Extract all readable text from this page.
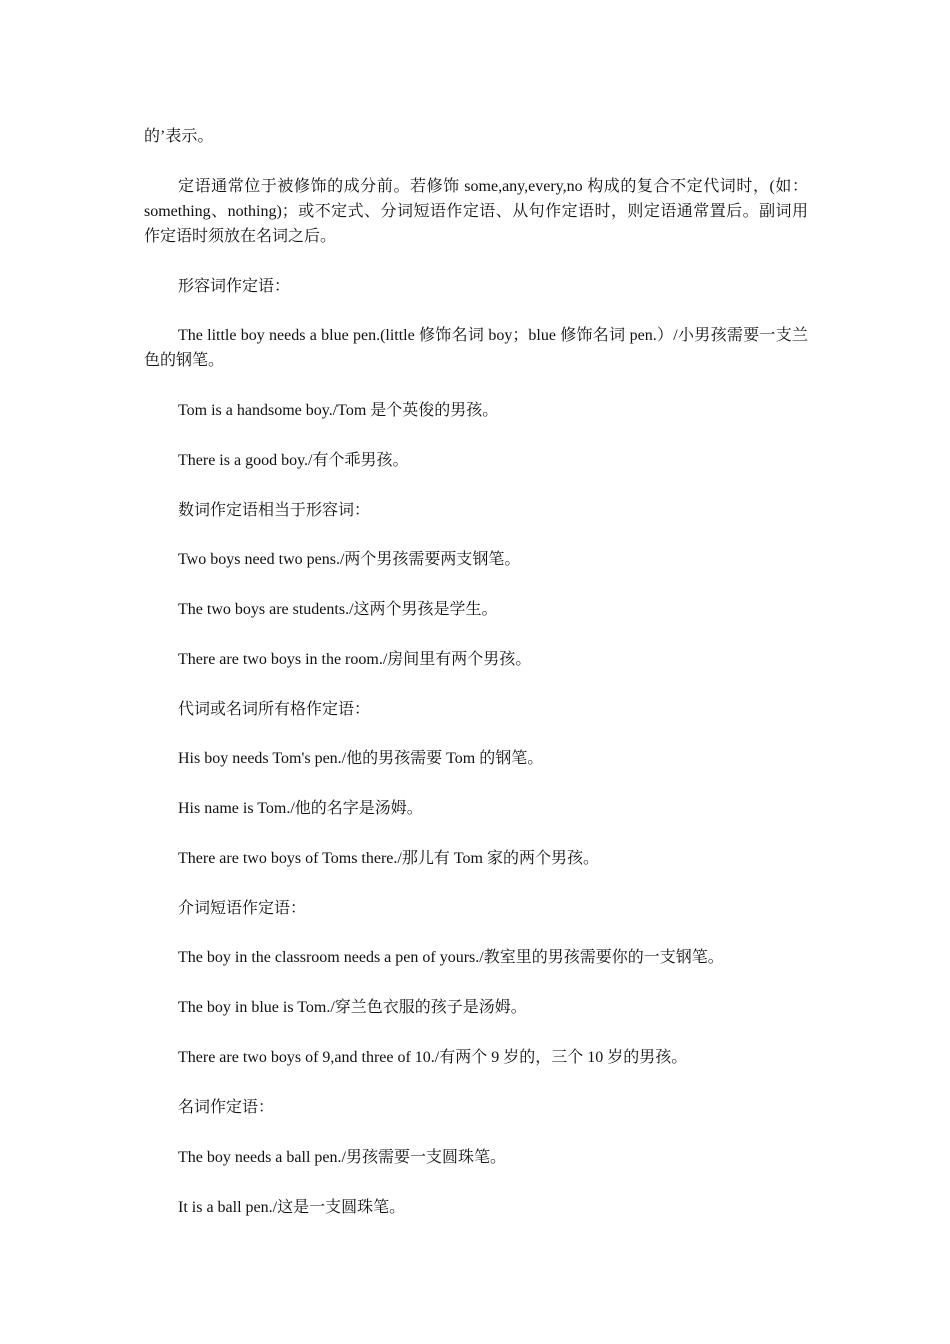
的’表示。

定语通常位于被修饰的成分前。若修饰 some,any,every,no 构成的复合不定代词时，(如：something、nothing)；或不定式、分词短语作定语、从句作定语时，则定语通常置后。副词用作定语时须放在名词之后。

形容词作定语：

The little boy needs a blue pen.(little 修饰名词 boy；blue 修饰名词 pen.）/小男孩需要一支兰色的钢笔。

Tom is a handsome boy./Tom 是个英俊的男孩。

There is a good boy./有个乖男孩。

数词作定语相当于形容词：

Two boys need two pens./两个男孩需要两支钢笔。

The two boys are students./这两个男孩是学生。

There are two boys in the room./房间里有两个男孩。

代词或名词所有格作定语：

His boy needs Tom's pen./他的男孩需要 Tom 的钢笔。

His name is Tom./他的名字是汤姆。

There are two boys of Toms there./那儿有 Tom 家的两个男孩。

介词短语作定语：

The boy in the classroom needs a pen of yours./教室里的男孩需要你的一支钢笔。

The boy in blue is Tom./穿兰色衣服的孩子是汤姆。

There are two boys of 9,and three of 10./有两个 9 岁的，三个 10 岁的男孩。

名词作定语：

The boy needs a ball pen./男孩需要一支圆珠笔。

It is a ball pen./这是一支圆珠笔。
